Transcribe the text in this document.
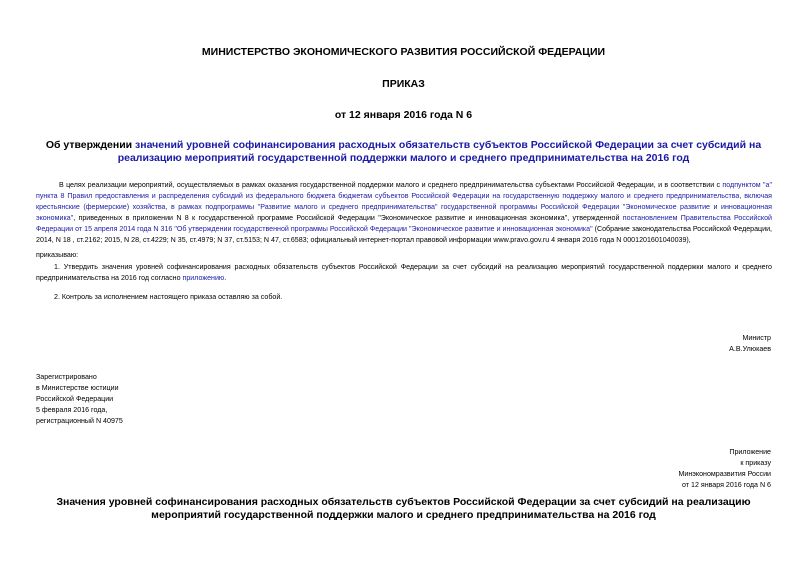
МИНИСТЕРСТВО ЭКОНОМИЧЕСКОГО РАЗВИТИЯ РОССИЙСКОЙ ФЕДЕРАЦИИ
ПРИКАЗ
от 12 января 2016 года N 6
Об утверждении значений уровней софинансирования расходных обязательств субъектов Российской Федерации за счет субсидий на реализацию мероприятий государственной поддержки малого и среднего предпринимательства на 2016 год
В целях реализации мероприятий, осуществляемых в рамках оказания государственной поддержки малого и среднего предпринимательства субъектами Российской Федерации, и в соответствии с подпунктом "a" пункта 8 Правил предоставления и распределения субсидий из федерального бюджета бюджетам субъектов Российской Федерации на государственную поддержку малого и среднего предпринимательства, включая крестьянские (фермерские) хозяйства, в рамках подпрограммы "Развитие малого и среднего предпринимательства" государственной программы Российской Федерации "Экономическое развитие и инновационная экономика", приведенных в приложении N 8 к государственной программе Российской Федерации "Экономическое развитие и инновационная экономика", утвержденной постановлением Правительства Российской Федерации от 15 апреля 2014 года N 316 "Об утверждении государственной программы Российской Федерации "Экономическое развитие и инновационная экономика" (Собрание законодательства Российской Федерации, 2014, N 18 , ст.2162; 2015, N 28, ст.4229; N 35, ст.4979; N 37, ст.5153; N 47, ст.6583; официальный интернет-портал правовой информации www.pravo.gov.ru 4 января 2016 года N 0001201601040039),
приказываю:
1. Утвердить значения уровней софинансирования расходных обязательств субъектов Российской Федерации за счет субсидий на реализацию мероприятий государственной поддержки малого и среднего предпринимательства на 2016 год согласно приложению.
2. Контроль за исполнением настоящего приказа оставляю за собой.
Министр
А.В.Улюкаев
Зарегистрировано
в Министерстве юстиции
Российской Федерации
5 февраля 2016 года,
регистрационный N 40975
Приложение
к приказу
Минэкономразвития России
от 12 января 2016 года N 6
Значения уровней софинансирования расходных обязательств субъектов Российской Федерации за счет субсидий на реализацию мероприятий государственной поддержки малого и среднего предпринимательства на 2016 год
